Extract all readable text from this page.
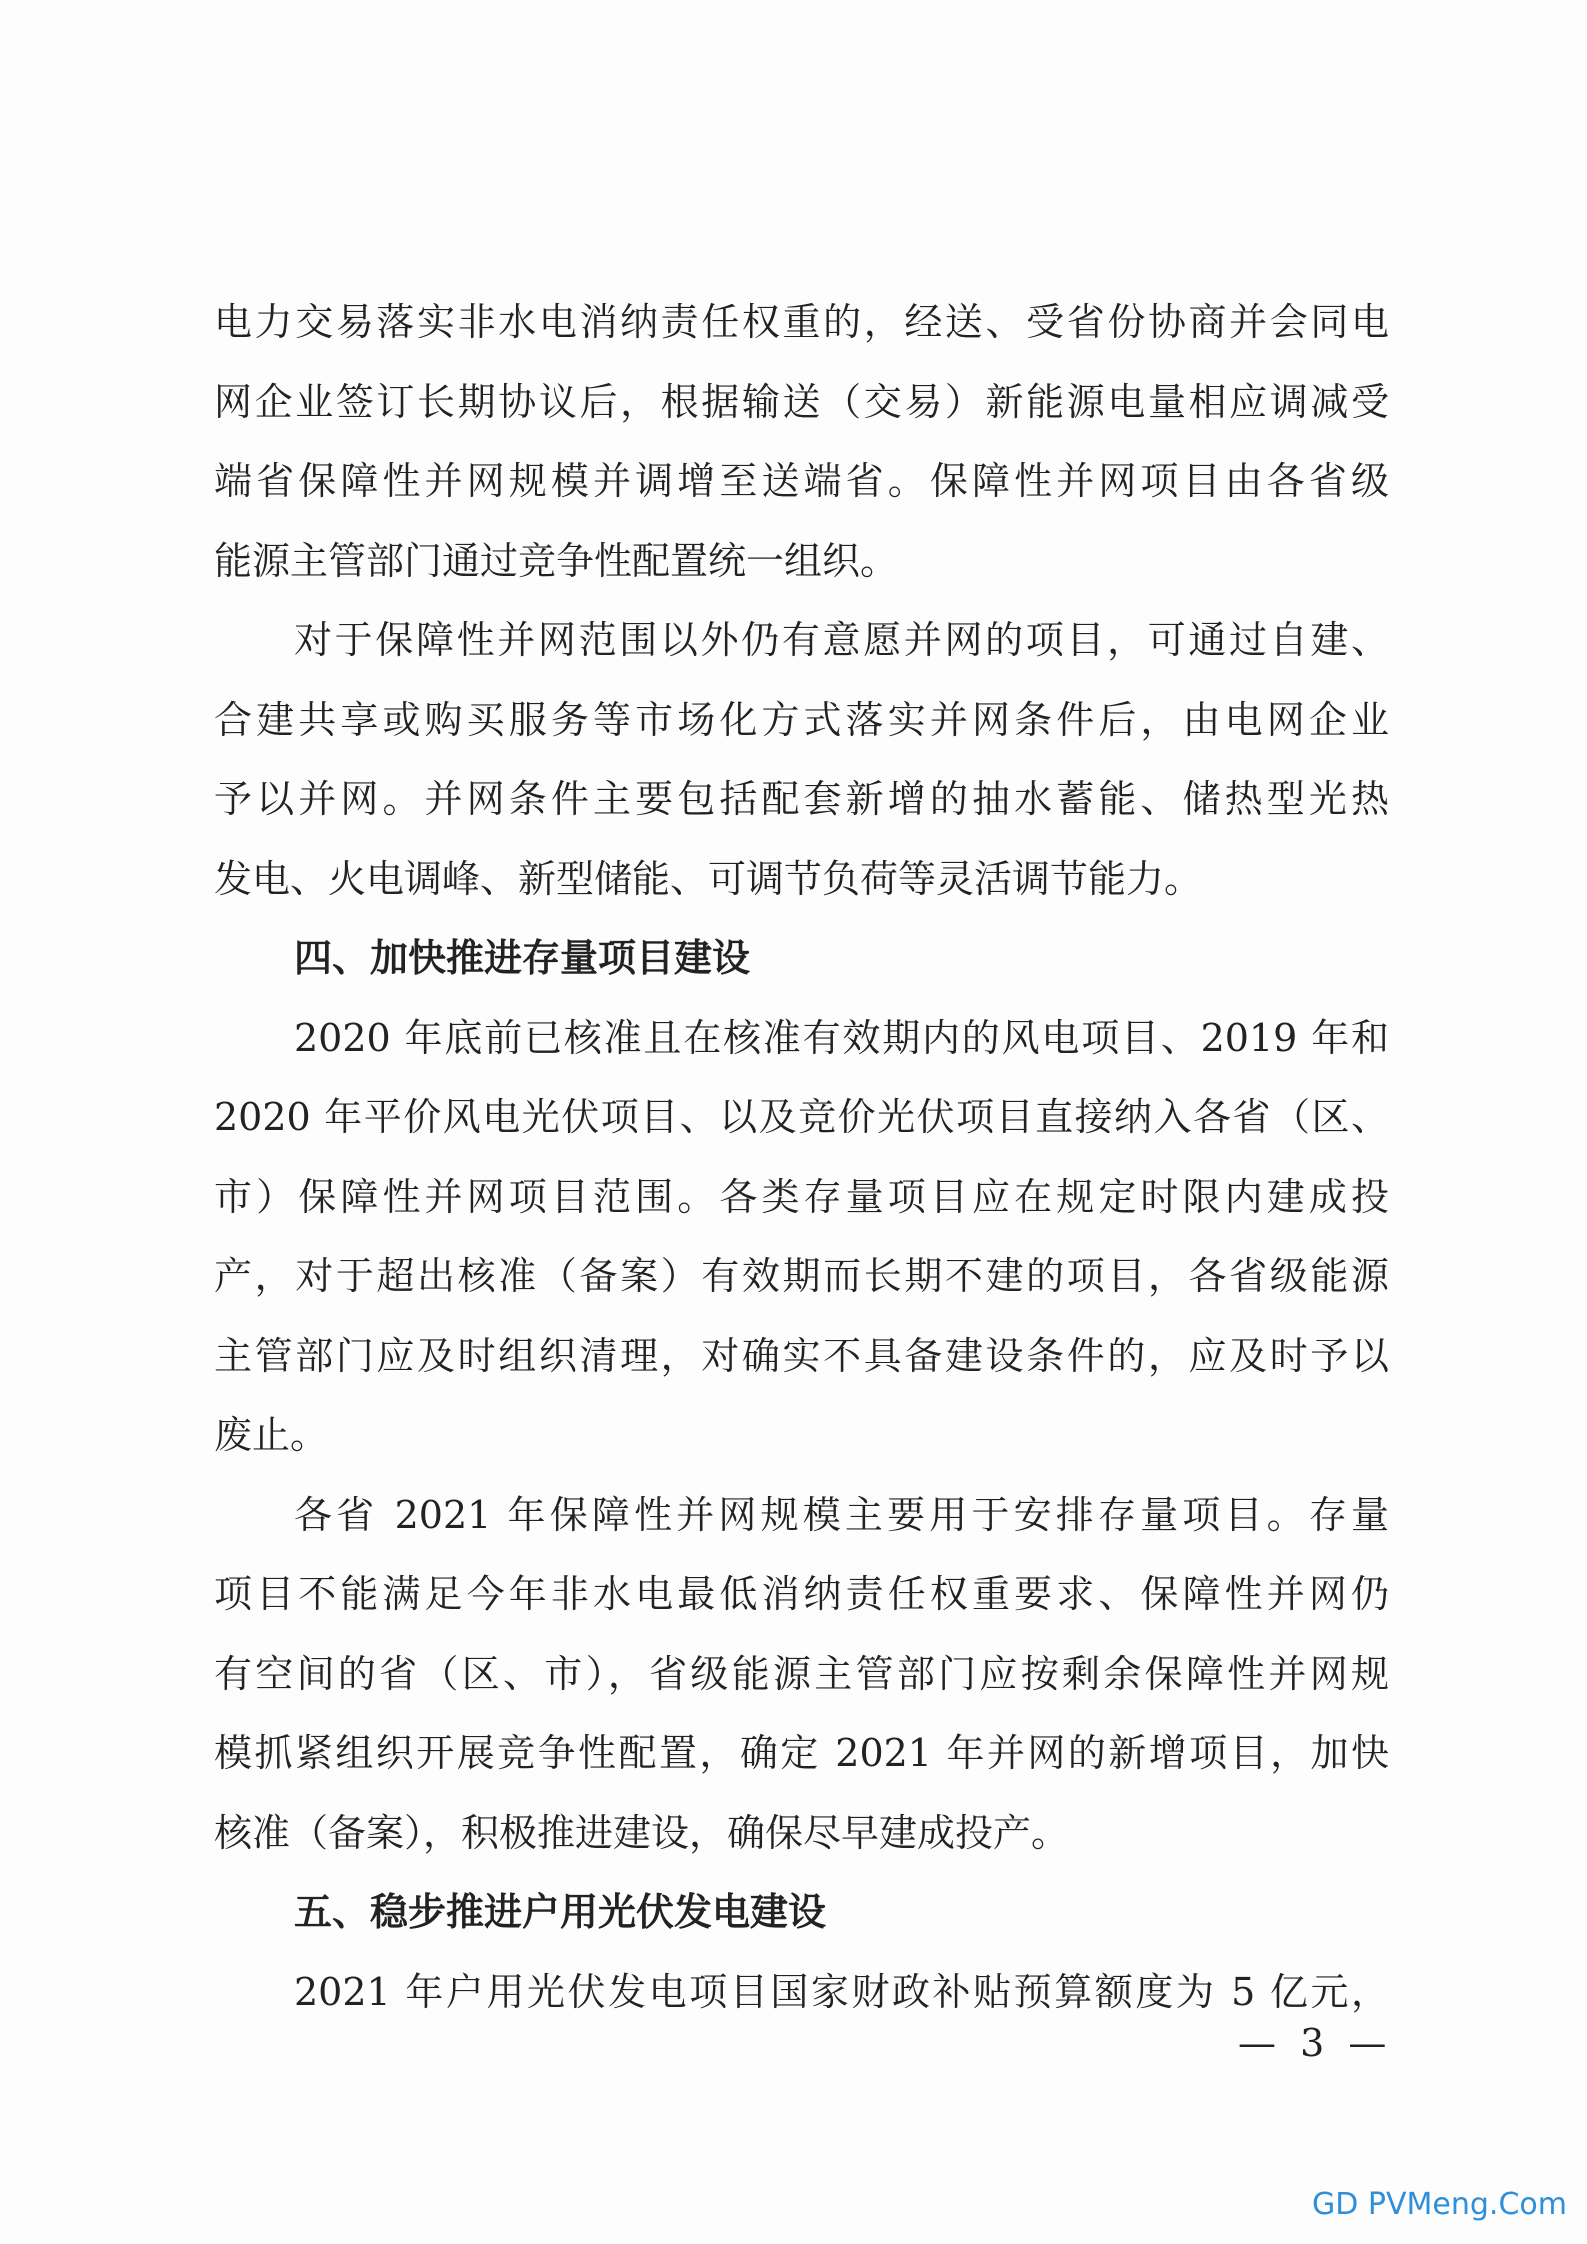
电力交易落实非水电消纳责任权重的，经送、受省份协商并会同电
网企业签订长期协议后，根据输送（交易）新能源电量相应调减受
端省保障性并网规模并调增至送端省。保障性并网项目由各省级
能源主管部门通过竞争性配置统一组织。
对于保障性并网范围以外仍有意愿并网的项目，可通过自建、
合建共享或购买服务等市场化方式落实并网条件后，由电网企业
予以并网。并网条件主要包括配套新增的抽水蓄能、储热型光热
发电、火电调峰、新型储能、可调节负荷等灵活调节能力。
四、加快推进存量项目建设
2020 年底前已核准且在核准有效期内的风电项目、2019 年和
2020 年平价风电光伏项目、以及竞价光伏项目直接纳入各省（区、
市）保障性并网项目范围。各类存量项目应在规定时限内建成投
产，对于超出核准（备案）有效期而长期不建的项目，各省级能源
主管部门应及时组织清理，对确实不具备建设条件的，应及时予以
废止。
各省 2021 年保障性并网规模主要用于安排存量项目。存量
项目不能满足今年非水电最低消纳责任权重要求、保障性并网仍
有空间的省（区、市），省级能源主管部门应按剩余保障性并网规
模抓紧组织开展竞争性配置，确定 2021 年并网的新增项目，加快
核准（备案），积极推进建设，确保尽早建成投产。
五、稳步推进户用光伏发电建设
2021 年户用光伏发电项目国家财政补贴预算额度为 5 亿元，
— 3 —
GD PVMeng.Com
